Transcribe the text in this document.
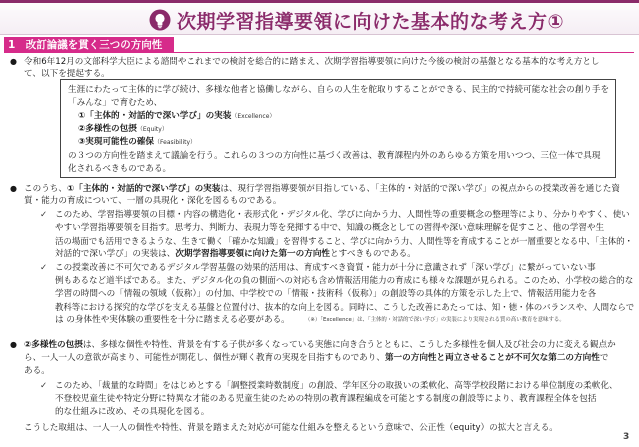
次期学習指導要領に向けた基本的な考え方①
1　改訂論議を貫く三つの方向性
● 令和6年12月の文部科学大臣による諮問やこれまでの検討を総合的に踏まえ、次期学習指導要領に向けた今後の検討の基盤となる基本的な考え方とし
て、以下を提起する。
生涯にわたって主体的に学び続け、多様な他者と協働しながら、自らの人生を舵取りすることができる、民主的で持続可能な社会の創り手を
「みんな」で育むため、
①「主体的・対話的で深い学び」の実装（Excellence）
②多様性の包摂（Equity）
③実現可能性の確保（Feasibility）
の３つの方向性を踏まえて議論を行う。これらの３つの方向性に基づく改善は、教育課程内外のあらゆる方策を用いつつ、三位一体で具現
化されるべきものである。
● このうち、①「主体的・対話的で深い学び」の実装は、現行学習指導要領が目指している、「主体的・対話的で深い学び」の視点からの授業改善を通じた資
質・能力の育成について、一層の具現化・深化を図るものである。
✓ このため、学習指導要領の目標・内容の構造化・表形式化・デジタル化、学びに向かう力、人間性等の重要概念の整理等により、分かりやすく、使い
やすい学習指導要領を目指す。思考力、判断力、表現力等を発揮する中で、知識の概念としての習得や深い意味理解を促すこと、他の学習や生
活の場面でも活用できるような、生きて働く「確かな知識」を習得すること、学びに向かう力、人間性等を育成することが一層重要となる中、「主体的・
対話的で深い学び」の実装は、次期学習指導要領に向けた第一の方向性とすべきものである。
✓ この授業改善に不可欠であるデジタル学習基盤の効果的活用は、育成すべき資質・能力が十分に意識されず「深い学び」に繋がっていない事
例もあるなど道半ばである。また、デジタル化の負の側面への対応も含め情報活用能力の育成にも様々な課題が見られる。このため、小学校の総合的な
学習の時間への「情報の領域（仮称）」の付加、中学校での「情報・技術科（仮称）」の創設等の具体的方策を示した上で、情報活用能力を各
教科等における探究的な学びを支える基盤と位置付け、抜本的な向上を図る。同時に、こうした改善にあたっては、知・徳・体のバランスや、人間ならで
は の身体性や実体験の重要性を十分に踏まえる必要がある。	（※）「Excellence」は、「主体的・対話的で深い学び」の実装により実現される質の高い教育を意味する。
● ②多様性の包摂は、多様な個性や特性、背景を有する子供が多くなっている実態に向き合うとともに、こうした多様性を個人及び社会の力に変える観点か
ら、一人一人の意欲が高まり、可能性が開花し、個性が輝く教育の実現を目指すものであり、第一の方向性と両立させることが不可欠な第二の方向性で
ある。
✓ このため、「裁量的な時間」をはじめとする「調整授業時数制度」の創設、学年区分の取扱いの柔軟化、高等学校段階における単位制度の柔軟化、
不登校児童生徒や特定分野に特異な才能のある児童生徒のための特別の教育課程編成を可能とする制度の創設等により、教育課程全体を包括
的な仕組みに改め、その具現化を図る。
こうした取組は、一人一人の個性や特性、背景を踏まえた対応が可能な仕組みを整えるという意味で、公正性（equity）の拡大と言える。
3
